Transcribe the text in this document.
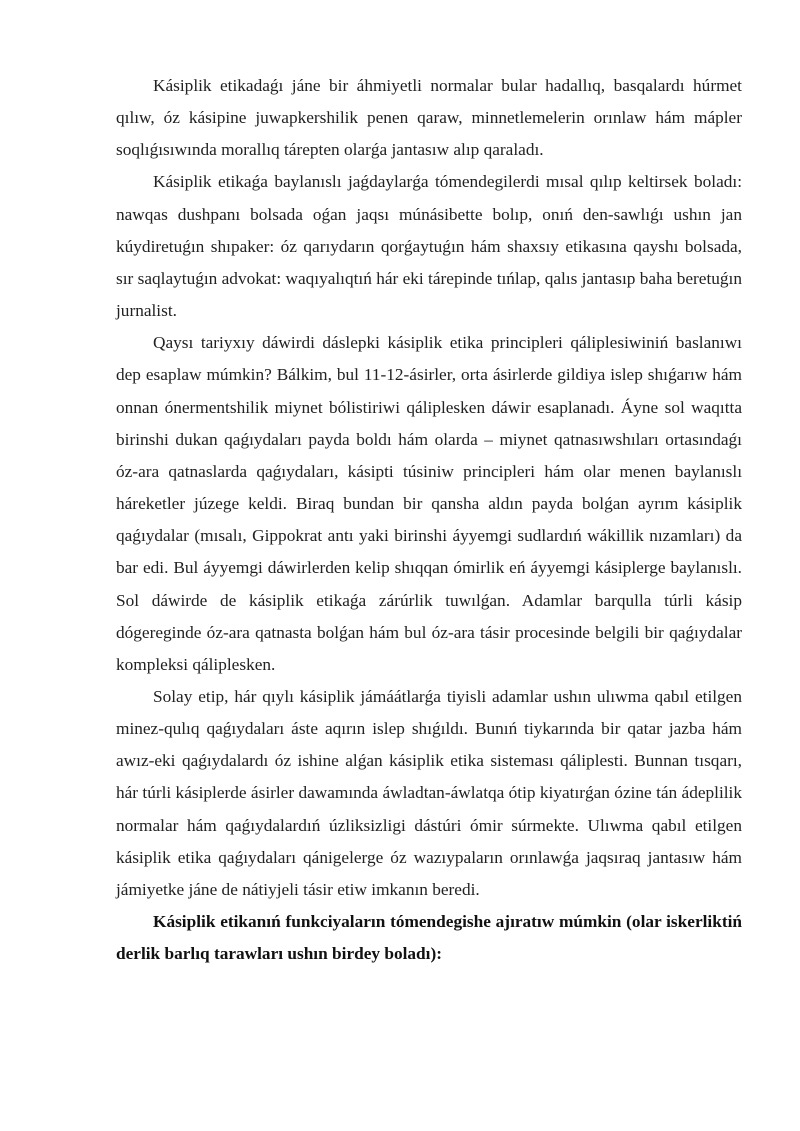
Kásiplik etikadaǵı jáne bir áhmiyetli normalar bular hadallıq, basqalardı húrmet qılıw, óz kásipine juwapkershilik penen qaraw, minnetlemelerin orınlaw hám mápler soqlıǵısıwında morallıq tárepten olarǵa jantasıw alıp qaraladı.

Kásiplik etikaǵa baylanıslı jaǵdaylarǵa tómendegilerdi mısal qılıp keltirsek boladı: nawqas dushpanı bolsada oǵan jaqsı múnásibette bolıp, onıń den-sawlıǵı ushın jan kúydiretuǵın shıpaker: óz qarıydarın qorǵaytuǵın hám shaxsıy etikasına qayshı bolsada, sır saqlaytuǵın advokat: waqıyalıqtıń hár eki tárepinde tıńlap, qalıs jantasıp baha beretuǵın jurnalist.

Qaysı tariyxıy dáwirdi dáslepki kásiplik etika principleri qáliplesiwiniń baslanıwı dep esaplaw múmkin? Bálkim, bul 11-12-ásirler, orta ásirlerde gildiya islep shıǵarıw hám onnan ónermentshilik miynet bólistiriwi qáliplesken dáwir esaplanadı. Áyne sol waqıtta birinshi dukan qaǵıydaları payda boldı hám olarda – miynet qatnasıwshıları ortasındaǵı óz-ara qatnaslarda qaǵıydaları, kásipti túsiniw principleri hám olar menen baylanıslı háreketler júzege keldi. Biraq bundan bir qansha aldın payda bolǵan ayrım kásiplik qaǵıydalar (mısalı, Gippokrat antı yaki birinshi áyyemgi sudlardıń wákillik nızamları) da bar edi. Bul áyyemgi dáwirlerden kelip shıqqan ómirlik eń áyyemgi kásiplerge baylanıslı. Sol dáwirde de kásiplik etikaǵa zárúrlik tuwılǵan. Adamlar barqulla túrli kásip dógereginde óz-ara qatnasta bolǵan hám bul óz-ara tásir procesinde belgili bir qaǵıydalar kompleksi qáliplesken.

Solay etip, hár qıylı kásiplik jámáátlarǵa tiyisli adamlar ushın ulıwma qabıl etilgen minez-qulıq qaǵıydaları áste aqırın islep shıǵıldı. Bunıń tiykarında bir qatar jazba hám awız-eki qaǵıydalardı óz ishine alǵan kásiplik etika sisteması qáliplesti. Bunnan tısqarı, hár túrli kásiplerde ásirler dawamında áwladtan-áwlatqa ótip kiyatırǵan ózine tán ádeplilik normalar hám qaǵıydalardıń úzliksizligi dástúri ómir súrmekte. Ulıwma qabıl etilgen kásiplik etika qaǵıydaları qánigelerge óz wazıypaların orınlawǵa jaqsıraq jantasıw hám jámiyetke jáne de nátiyjeli tásir etiw imkanın beredi.

Kásiplik etikanıń funkciyaların tómendegishe ajıratıw múmkin (olar iskerliktiń derlik barlıq tarawları ushın birdey boladı):
